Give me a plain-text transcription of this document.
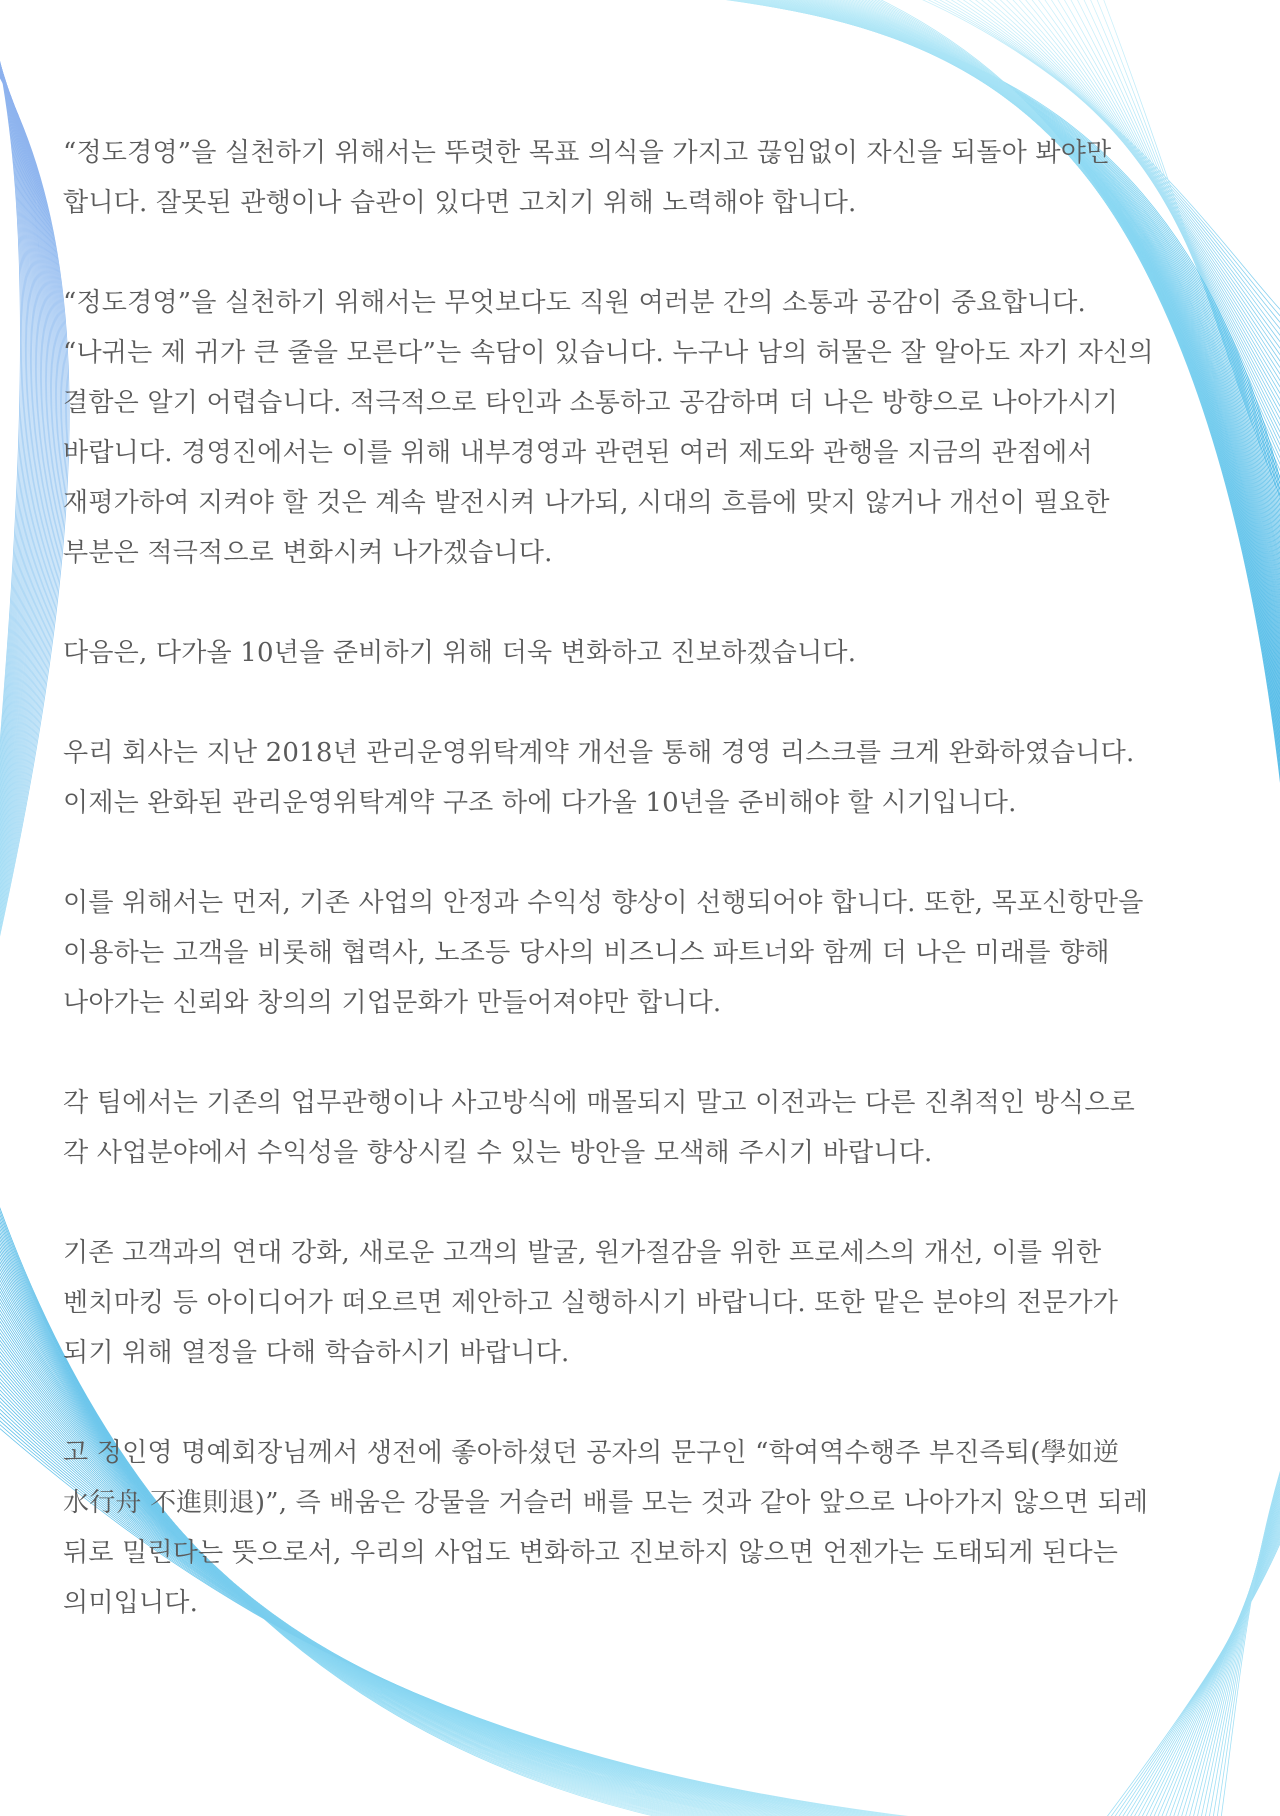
“정도경영”을 실천하기 위해서는 뚜렷한 목표 의식을 가지고 끊임없이 자신을 되돌아 봐야만
합니다. 잘못된 관행이나 습관이 있다면 고치기 위해 노력해야 합니다.
“정도경영”을 실천하기 위해서는 무엇보다도 직원 여러분 간의 소통과 공감이 중요합니다.
“나귀는 제 귀가 큰 줄을 모른다”는 속담이 있습니다. 누구나 남의 허물은 잘 알아도 자기 자신의
결함은 알기 어렵습니다. 적극적으로 타인과 소통하고 공감하며 더 나은 방향으로 나아가시기
바랍니다. 경영진에서는 이를 위해 내부경영과 관련된 여러 제도와 관행을 지금의 관점에서
재평가하여 지켜야 할 것은 계속 발전시켜 나가되, 시대의 흐름에 맞지 않거나 개선이 필요한
부분은 적극적으로 변화시켜 나가겠습니다.
다음은, 다가올 10년을 준비하기 위해 더욱 변화하고 진보하겠습니다.
우리 회사는 지난 2018년 관리운영위탁계약 개선을 통해 경영 리스크를 크게 완화하였습니다.
이제는 완화된 관리운영위탁계약 구조 하에 다가올 10년을 준비해야 할 시기입니다.
이를 위해서는 먼저, 기존 사업의 안정과 수익성 향상이 선행되어야 합니다. 또한, 목포신항만을
이용하는 고객을 비롯해 협력사, 노조등 당사의 비즈니스 파트너와 함께 더 나은 미래를 향해
나아가는 신뢰와 창의의 기업문화가 만들어져야만 합니다.
각 팀에서는 기존의 업무관행이나 사고방식에 매몰되지 말고 이전과는 다른 진취적인 방식으로
각 사업분야에서 수익성을 향상시킬 수 있는 방안을 모색해 주시기 바랍니다.
기존 고객과의 연대 강화, 새로운 고객의 발굴, 원가절감을 위한 프로세스의 개선, 이를 위한
벤치마킹 등 아이디어가 떠오르면 제안하고 실행하시기 바랍니다. 또한 맡은 분야의 전문가가
되기 위해 열정을 다해 학습하시기 바랍니다.
고 정인영 명예회장님께서 생전에 좋아하셨던 공자의 문구인 “학여역수행주 부진즉퇴(學如逆
水行舟 不進則退)”, 즉 배움은 강물을 거슬러 배를 모는 것과 같아 앞으로 나아가지 않으면 되레
뒤로 밀린다는 뜻으로서, 우리의 사업도 변화하고 진보하지 않으면 언젠가는 도태되게 된다는
의미입니다.
